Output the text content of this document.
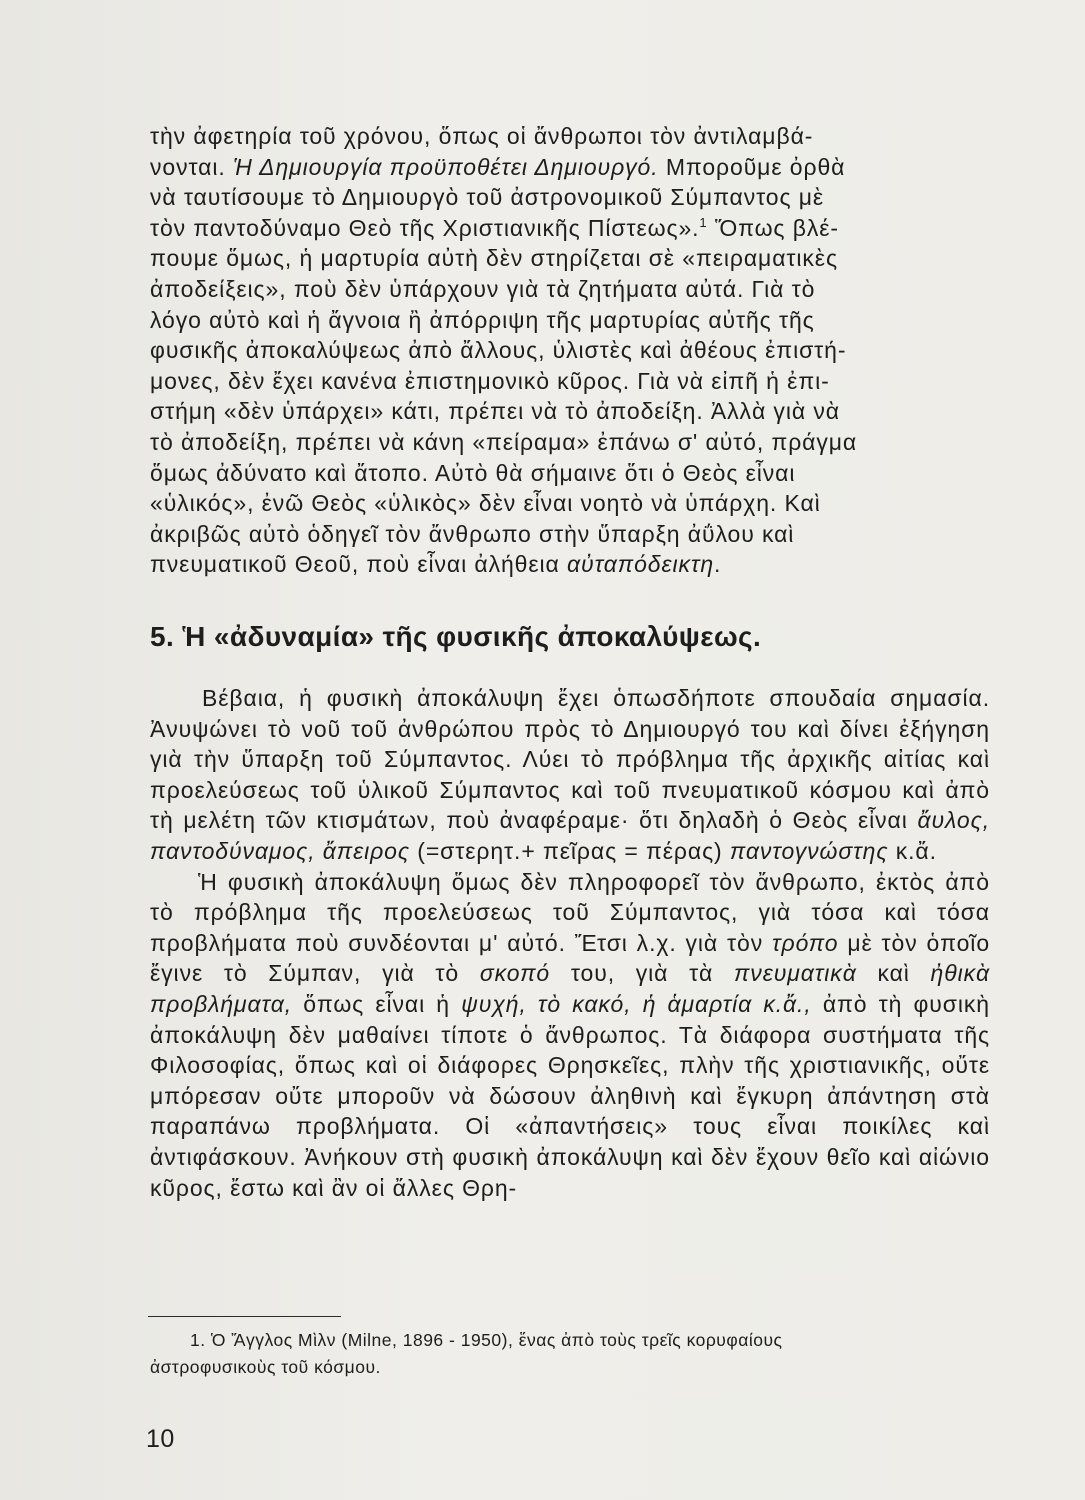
τὴν ἀφετηρία τοῦ χρόνου, ὅπως οἱ ἄνθρωποι τὸν ἀντιλαμβά-
νονται. Ἡ Δημιουργία προϋποθέτει Δημιουργό. Μποροῦμε ὀρθὰ
νὰ ταυτίσουμε τὸ Δημιουργὸ τοῦ ἀστρονομικοῦ Σύμπαντος μὲ
τὸν παντοδύναμο Θεὸ τῆς Χριστιανικῆς Πίστεως».$^1$ Ὅπως βλέ-
πουμε ὅμως, ἡ μαρτυρία αὐτὴ δὲν στηρίζεται σὲ «πειραματικὲς
ἀποδείξεις», ποὺ δὲν ὑπάρχουν γιὰ τὰ ζητήματα αὐτά. Γιὰ τὸ
λόγο αὐτὸ καὶ ἡ ἄγνοια ἢ ἀπόρριψη τῆς μαρτυρίας αὐτῆς τῆς
φυσικῆς ἀποκαλύψεως ἀπὸ ἄλλους, ὑλιστὲς καὶ ἀθέους ἐπιστή-
μονες, δὲν ἔχει κανένα ἐπιστημονικὸ κῦρος. Γιὰ νὰ εἰπῆ ἡ ἐπι-
στήμη «δὲν ὑπάρχει» κάτι, πρέπει νὰ τὸ ἀποδείξη. Ἀλλὰ γιὰ νὰ
τὸ ἀποδείξη, πρέπει νὰ κάνη «πείραμα» ἐπάνω σ' αὐτό, πράγμα
ὅμως ἀδύνατο καὶ ἄτοπο. Αὐτὸ θὰ σήμαινε ὅτι ὁ Θεὸς εἶναι
«ὑλικός», ἐνῶ Θεὸς «ὑλικὸς» δὲν εἶναι νοητὸ νὰ ὑπάρχη. Καὶ
ἀκριβῶς αὐτὸ ὁδηγεῖ τὸν ἄνθρωπο στὴν ὕπαρξη ἀΰλου καὶ
πνευματικοῦ Θεοῦ, ποὺ εἶναι ἀλήθεια αὐταπόδεικτη.

5. Ἡ «ἀδυναμία» τῆς φυσικῆς ἀποκαλύψεως.

Βέβαια, ἡ φυσικὴ ἀποκάλυψη ἔχει ὁπωσδήποτε σπουδαία σημασία. Ἀνυψώνει τὸ νοῦ τοῦ ἀνθρώπου πρὸς τὸ Δημιουργό του καὶ δίνει ἐξήγηση γιὰ τὴν ὕπαρξη τοῦ Σύμπαντος. Λύει τὸ πρόβλημα τῆς ἀρχικῆς αἰτίας καὶ προελεύσεως τοῦ ὑλικοῦ Σύμπαντος καὶ τοῦ πνευματικοῦ κόσμου καὶ ἀπὸ τὴ μελέτη τῶν κτισμάτων, ποὺ ἀναφέραμε· ὅτι δηλαδὴ ὁ Θεὸς εἶναι ἄυλος, παντοδύναμος, ἄπειρος (=στερητ.+ πεῖρας = πέρας) παντογνώστης κ.ἄ.

Ἡ φυσικὴ ἀποκάλυψη ὅμως δὲν πληροφορεῖ τὸν ἄνθρωπο, ἐκτὸς ἀπὸ τὸ πρόβλημα τῆς προελεύσεως τοῦ Σύμπαντος, γιὰ τόσα καὶ τόσα προβλήματα ποὺ συνδέονται μ' αὐτό. Ἔτσι λ.χ. γιὰ τὸν τρόπο μὲ τὸν ὁποῖο ἔγινε τὸ Σύμπαν, γιὰ τὸ σκοπό του, γιὰ τὰ πνευματικὰ καὶ ἠθικὰ προβλήματα, ὅπως εἶναι ἡ ψυχή, τὸ κακό, ἡ ἁμαρτία κ.ἄ., ἀπὸ τὴ φυσικὴ ἀποκάλυψη δὲν μαθαίνει τίποτε ὁ ἄνθρωπος. Τὰ διάφορα συστήματα τῆς Φιλοσοφίας, ὅπως καὶ οἱ διάφορες Θρησκεῖες, πλὴν τῆς χριστιανικῆς, οὔτε μπόρεσαν οὔτε μποροῦν νὰ δώσουν ἀληθινὴ καὶ ἔγκυρη ἀπάντηση στὰ παραπάνω προβλήματα. Οἱ «ἀπαντήσεις» τους εἶναι ποικίλες καὶ ἀντιφάσκουν. Ἀνήκουν στὴ φυσικὴ ἀποκάλυψη καὶ δὲν ἔχουν θεῖο καὶ αἰώνιο κῦρος, ἔστω καὶ ἂν οἱ ἄλλες Θρη-

1. Ὁ Ἄγγλος Μὶλν (Milne, 1896 - 1950), ἕνας ἀπὸ τοὺς τρεῖς κορυφαίους
ἀστροφυσικοὺς τοῦ κόσμου.

10
